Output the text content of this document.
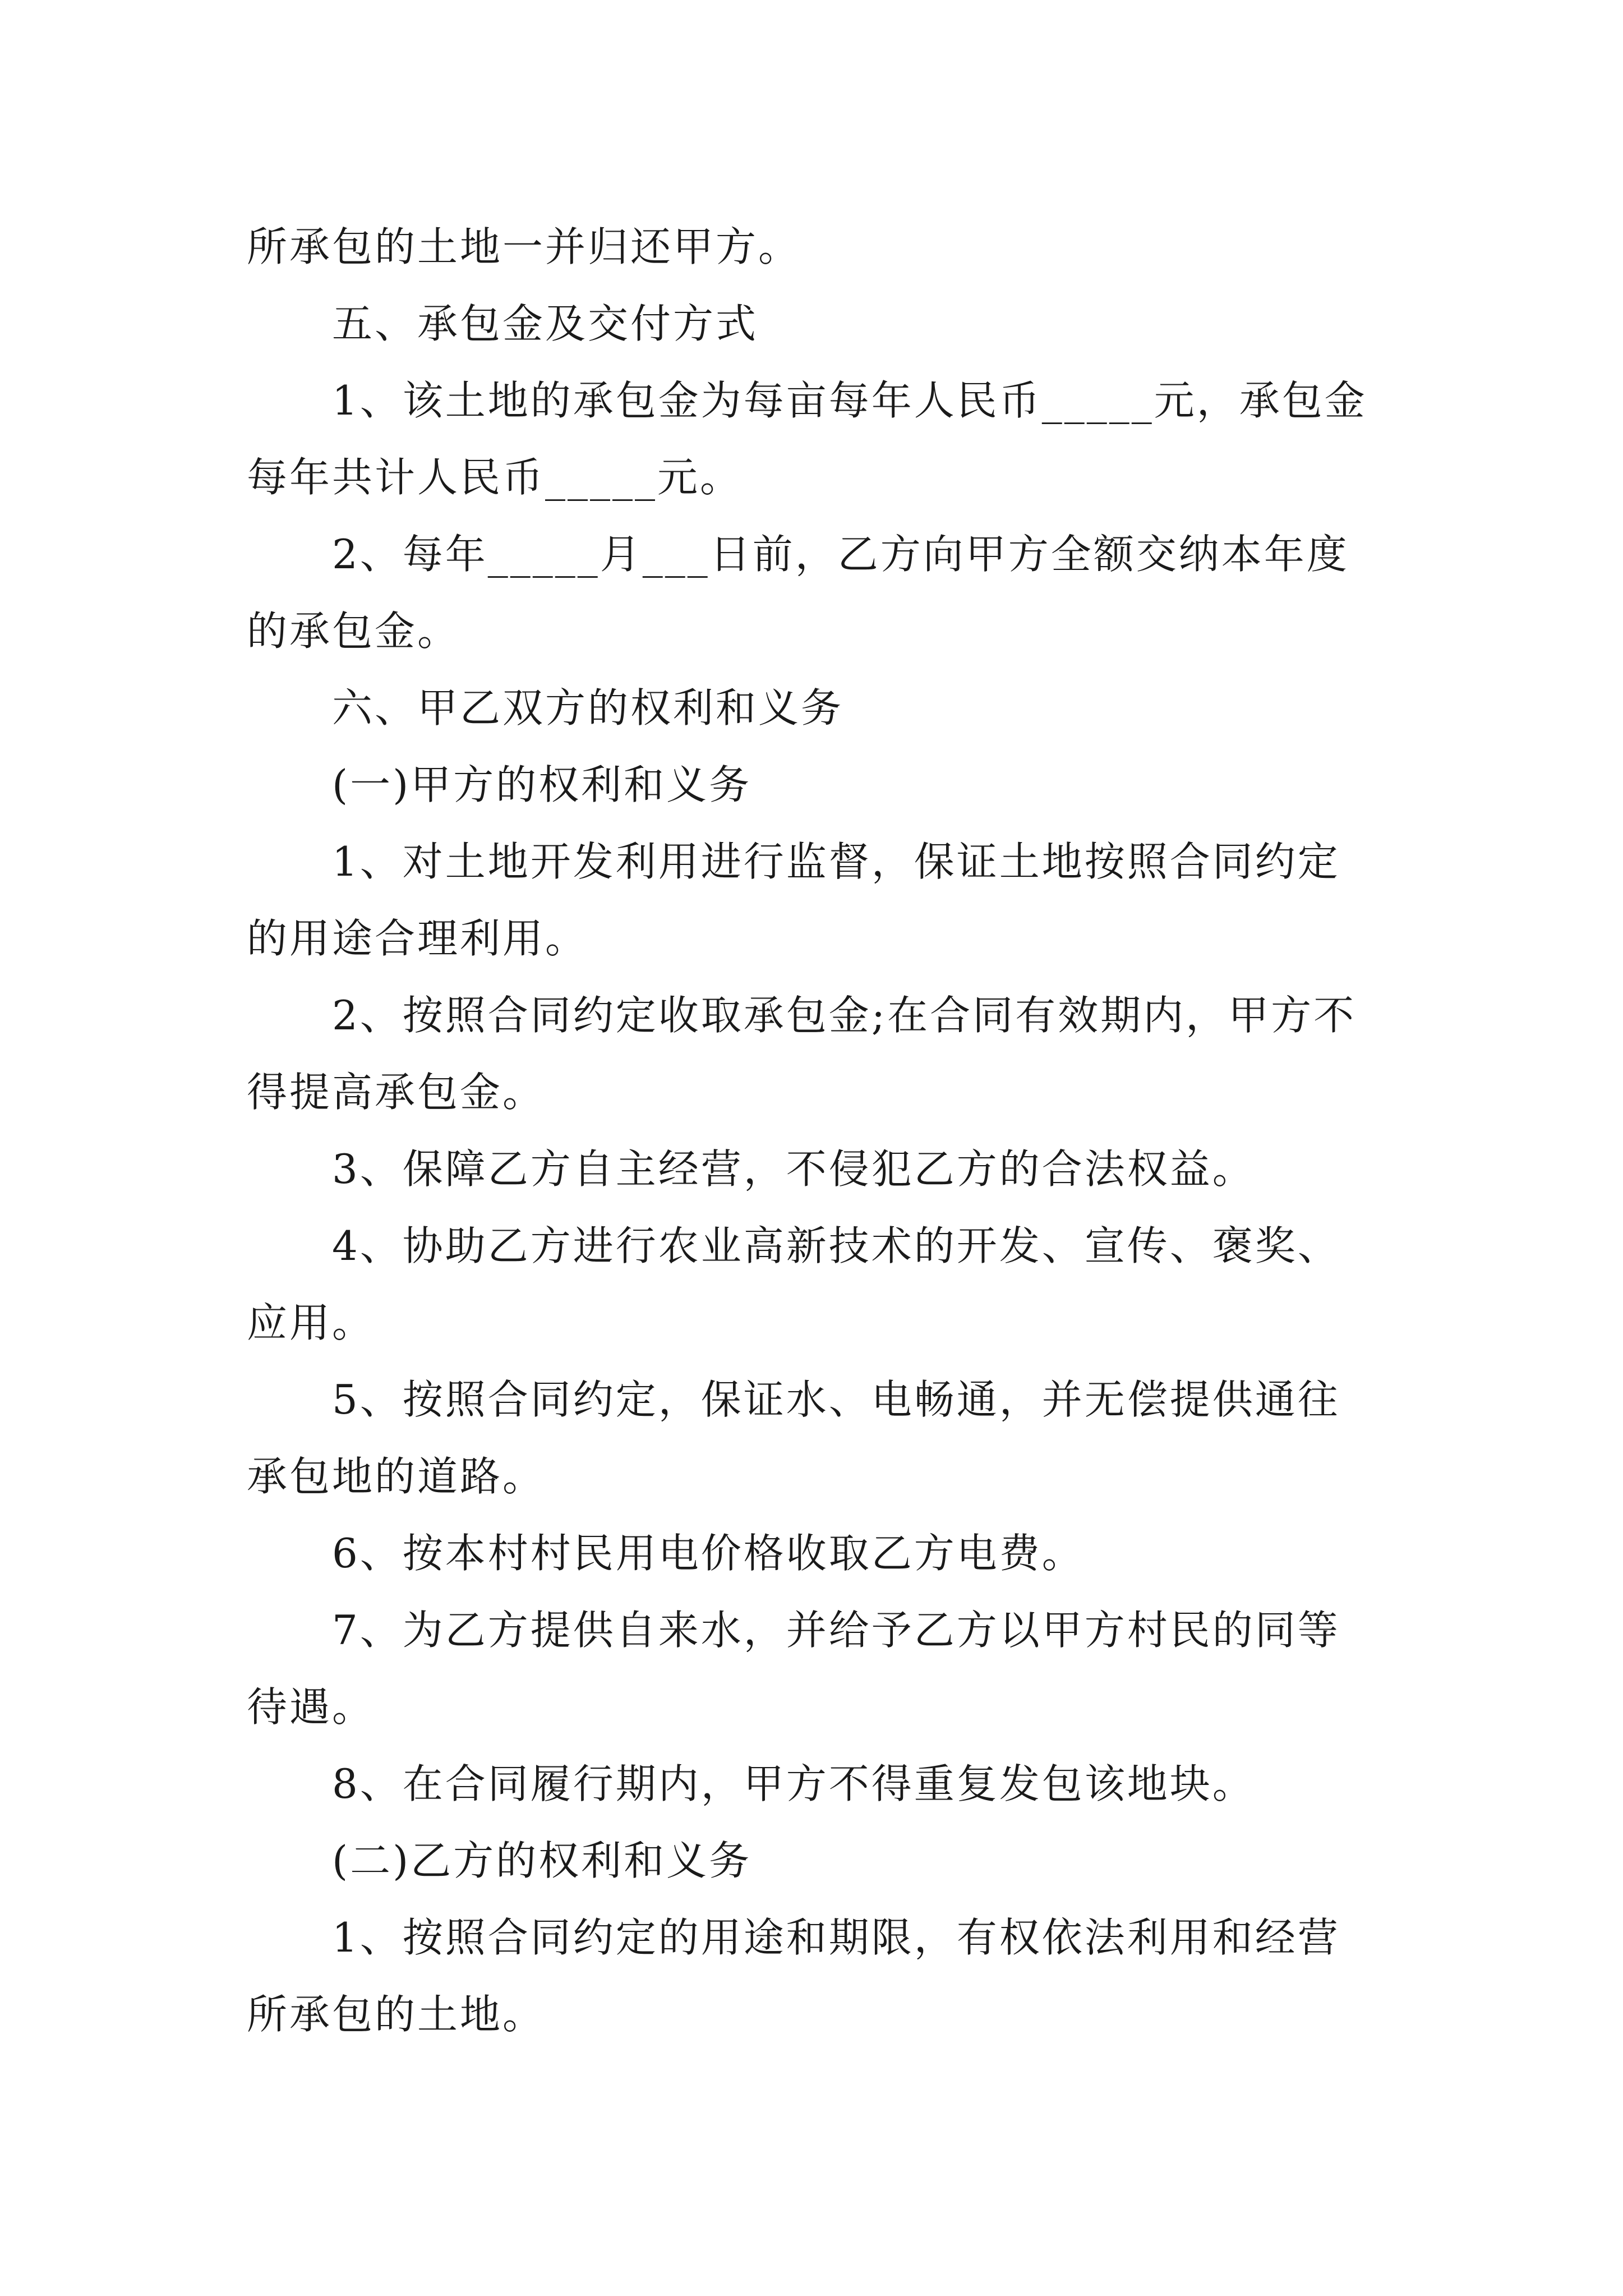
所承包的土地一并归还甲方。
五、承包金及交付方式
1、该土地的承包金为每亩每年人民币_____元，承包金
每年共计人民币_____元。
2、每年_____月___日前，乙方向甲方全额交纳本年度
的承包金。
六、甲乙双方的权利和义务
(一)甲方的权利和义务
1、对土地开发利用进行监督，保证土地按照合同约定
的用途合理利用。
2、按照合同约定收取承包金;在合同有效期内，甲方不
得提高承包金。
3、保障乙方自主经营，不侵犯乙方的合法权益。
4、协助乙方进行农业高新技术的开发、宣传、褒奖、
应用。
5、按照合同约定，保证水、电畅通，并无偿提供通往
承包地的道路。
6、按本村村民用电价格收取乙方电费。
7、为乙方提供自来水，并给予乙方以甲方村民的同等
待遇。
8、在合同履行期内，甲方不得重复发包该地块。
(二)乙方的权利和义务
1、按照合同约定的用途和期限，有权依法利用和经营
所承包的土地。
